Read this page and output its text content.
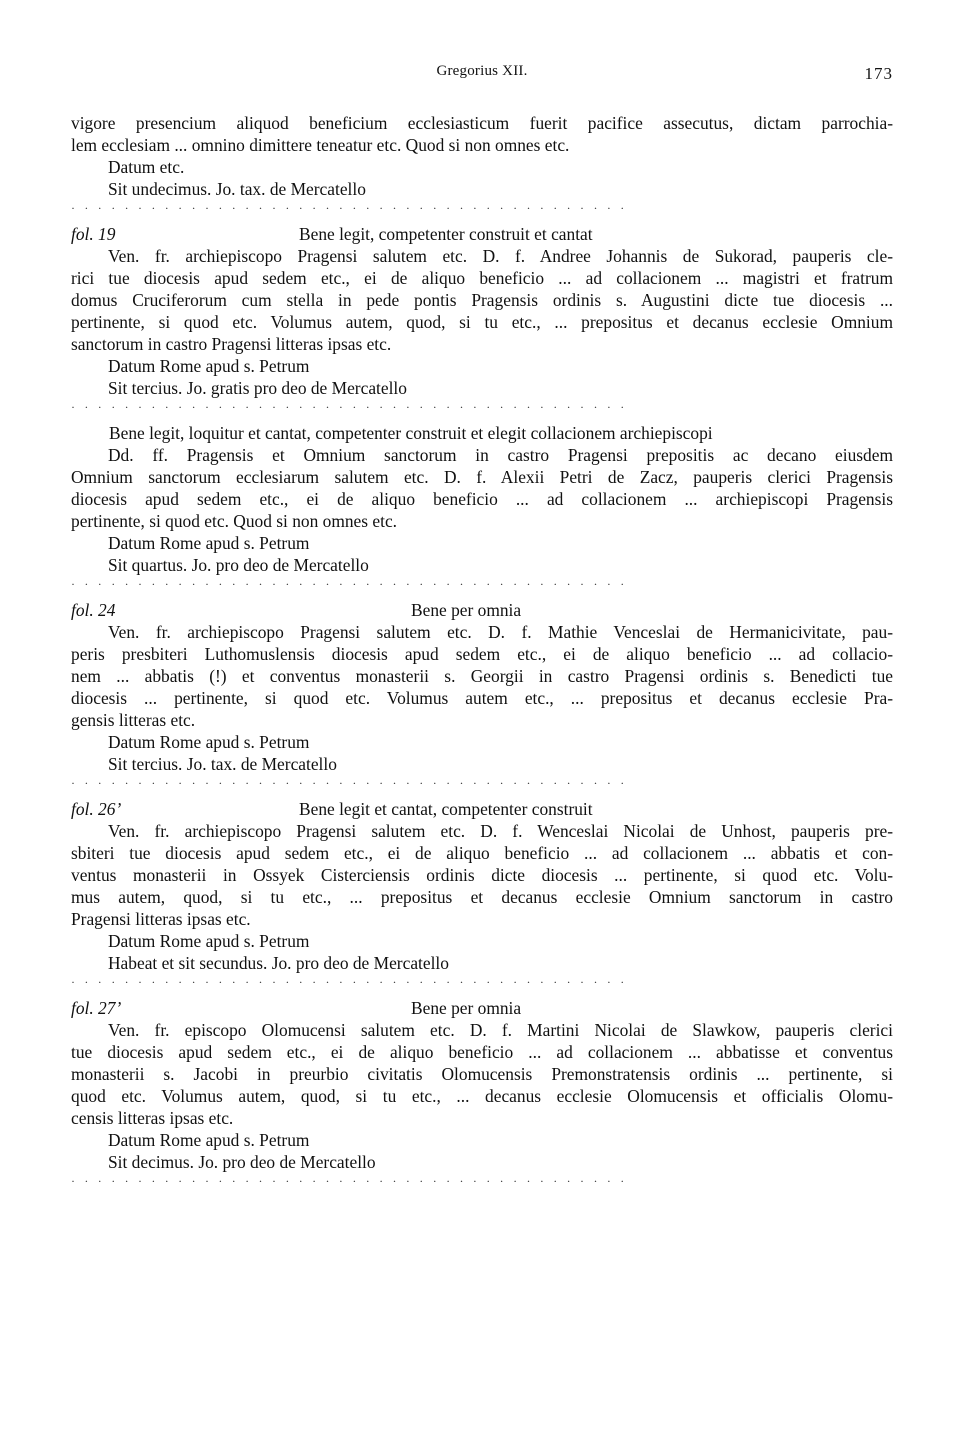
Gregorius XII.	173

vigore presencium aliquod beneficium ecclesiasticum fuerit pacifice assecutus, dictam parrochia-

lem ecclesiam ... omnino dimittere teneatur etc. Quod si non omnes etc.

Datum etc.

Sit undecimus. Jo. tax. de Mercatello

· · · · · · · · · · · · · · · · · · · · · · · · · · · · · · · · · · · · · · · · · ·
fol. 19	Bene legit, competenter construit et cantat

Ven. fr. archiepiscopo Pragensi salutem etc. D. f. Andree Johannis de Sukorad, pauperis cle-

rici tue diocesis apud sedem etc., ei de aliquo beneficio ... ad collacionem ... magistri et fratrum

domus Cruciferorum cum stella in pede pontis Pragensis ordinis s. Augustini dicte tue diocesis ...

pertinente, si quod etc. Volumus autem, quod, si tu etc., ... prepositus et decanus ecclesie Omnium

sanctorum in castro Pragensi litteras ipsas etc.

Datum Rome apud s. Petrum

Sit tercius. Jo. gratis pro deo de Mercatello

· · · · · · · · · · · · · · · · · · · · · · · · · · · · · · · · · · · · · · · · · ·
Bene legit, loquitur et cantat, competenter construit et elegit collacionem archiepiscopi

Dd. ff. Pragensis et Omnium sanctorum in castro Pragensi prepositis ac decano eiusdem

Omnium sanctorum ecclesiarum salutem etc. D. f. Alexii Petri de Zacz, pauperis clerici Pragensis

diocesis apud sedem etc., ei de aliquo beneficio ... ad collacionem ... archiepiscopi Pragensis

pertinente, si quod etc. Quod si non omnes etc.

Datum Rome apud s. Petrum

Sit quartus. Jo. pro deo de Mercatello

· · · · · · · · · · · · · · · · · · · · · · · · · · · · · · · · · · · · · · · · · ·
fol. 24	Bene per omnia

Ven. fr. archiepiscopo Pragensi salutem etc. D. f. Mathie Venceslai de Hermanicivitate, pau-

peris presbiteri Luthomuslensis diocesis apud sedem etc., ei de aliquo beneficio ... ad collacio-

nem ... abbatis (!) et conventus monasterii s. Georgii in castro Pragensi ordinis s. Benedicti tue

diocesis ... pertinente, si quod etc. Volumus autem etc., ... prepositus et decanus ecclesie Pra-

gensis litteras etc.

Datum Rome apud s. Petrum

Sit tercius. Jo. tax. de Mercatello

· · · · · · · · · · · · · · · · · · · · · · · · · · · · · · · · · · · · · · · · · ·
fol. 26’	Bene legit et cantat, competenter construit

Ven. fr. archiepiscopo Pragensi salutem etc. D. f. Wenceslai Nicolai de Unhost, pauperis pre-

sbiteri tue diocesis apud sedem etc., ei de aliquo beneficio ... ad collacionem ... abbatis et con-

ventus monasterii in Ossyek Cisterciensis ordinis dicte diocesis ... pertinente, si quod etc. Volu-

mus autem, quod, si tu etc., ... prepositus et decanus ecclesie Omnium sanctorum in castro

Pragensi litteras ipsas etc.

Datum Rome apud s. Petrum

Habeat et sit secundus. Jo. pro deo de Mercatello

· · · · · · · · · · · · · · · · · · · · · · · · · · · · · · · · · · · · · · · · · ·
fol. 27’	Bene per omnia

Ven. fr. episcopo Olomucensi salutem etc. D. f. Martini Nicolai de Slawkow, pauperis clerici

tue diocesis apud sedem etc., ei de aliquo beneficio ... ad collacionem ... abbatisse et conventus

monasterii s. Jacobi in preurbio civitatis Olomucensis Premonstratensis ordinis ... pertinente, si

quod etc. Volumus autem, quod, si tu etc., ... decanus ecclesie Olomucensis et officialis Olomu-

censis litteras ipsas etc.

Datum Rome apud s. Petrum

Sit decimus. Jo. pro deo de Mercatello

· · · · · · · · · · · · · · · · · · · · · · · · · · · · · · · · · · · · · · · · · ·
